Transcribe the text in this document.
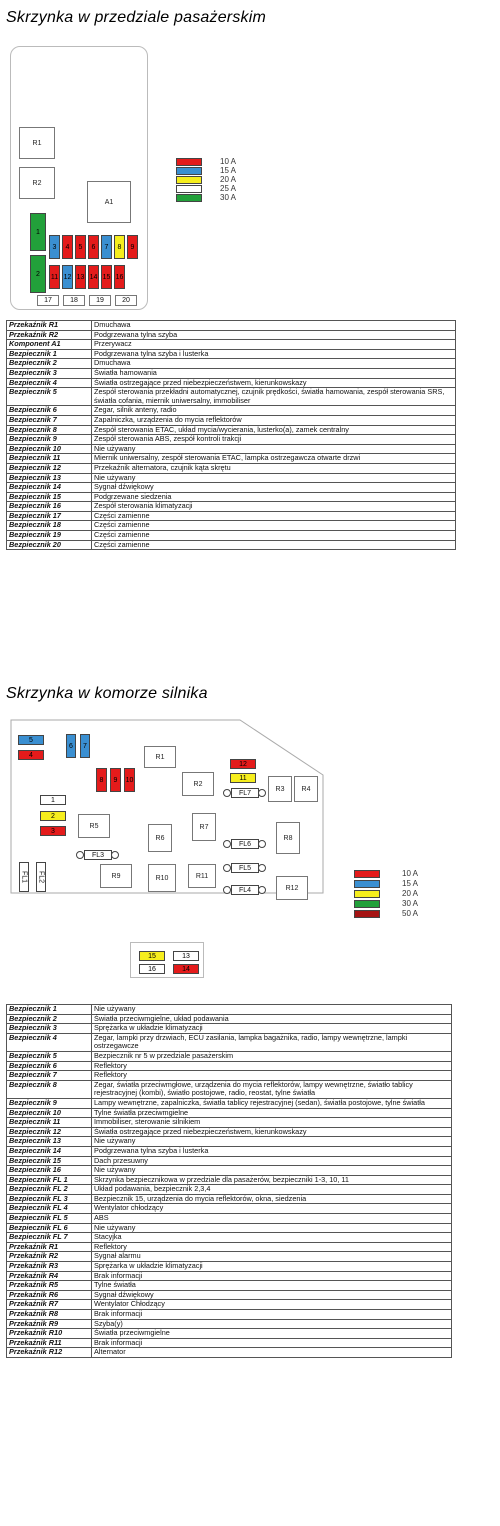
Skrzynka w przedziale pasażerskim
R1
R2
A1
1
3	4	5	6	7	8	9
2	11 12 13 14 15 16
17	18	19	20
10 A
15 A
20 A
25 A
30 A
Przekaźnik R1	Dmuchawa
Przekaźnik R2	Podgrzewana tylna szyba
Komponent A1	Przerywacz
Bezpiecznik 1	Podgrzewana tylna szyba i lusterka
Bezpiecznik 2	Dmuchawa
Bezpiecznik 3	Światła hamowania
Bezpiecznik 4	Światła ostrzegające przed niebezpieczeństwem, kierunkowskazy
Bezpiecznik 5	Zespół sterowania przekładni automatycznej, czujnik prędkości, światła hamowania, zespół sterowania SRS, światła cofania, miernik uniwersalny, immobiliser
Bezpiecznik 6	Zegar, silnik anteny, radio
Bezpiecznik 7	Zapalniczka, urządzenia do mycia reflektorów
Bezpiecznik 8	Zespół sterowania ETAC, układ mycia/wycierania, lusterko(a), zamek centralny
Bezpiecznik 9	Zespół sterowania ABS, zespół kontroli trakcji
Bezpiecznik 10	Nie używany
Bezpiecznik 11	Miernik uniwersalny, zespół sterowania ETAC, lampka ostrzegawcza otwarte drzwi
Bezpiecznik 12	Przekaźnik alternatora, czujnik kąta skrętu
Bezpiecznik 13	Nie używany
Bezpiecznik 14	Sygnał dźwiękowy
Bezpiecznik 15	Podgrzewane siedzenia
Bezpiecznik 16	Zespół sterowania klimatyzacji
Bezpiecznik 17	Części zamienne
Bezpiecznik 18	Części zamienne
Bezpiecznik 19	Części zamienne
Bezpiecznik 20	Części zamienne
Skrzynka w komorze silnika
5
4
6	7
R1
8	9	10
R2
12
11
FL7
R3	R4
1
2
3
R5	R7
R6
FL6
R8
FL3
FL1 FL2	R9	R10	R11
FL5
FL4	R12
10 A
15 A
20 A
30 A
50 A
15	13
16	14
Bezpiecznik 1	Nie używany
Bezpiecznik 2	Światła przeciwmgielne, układ podawania
Bezpiecznik 3	Sprężarka w układzie klimatyzacji
Bezpiecznik 4	Zegar, lampki przy drzwiach, ECU zasilania, lampka bagażnika, radio, lampy wewnętrzne, lampki ostrzegawcze
Bezpiecznik 5	Bezpiecznik nr 5 w przedziale pasażerskim
Bezpiecznik 6	Reflektory
Bezpiecznik 7	Reflektory
Bezpiecznik 8	Zegar, światła przeciwmgłowe, urządzenia do mycia reflektorów, lampy wewnętrzne, światło tablicy rejestracyjnej (kombi), światło postojowe, radio, reostat, tylne światła
Bezpiecznik 9	Lampy wewnętrzne, zapalniczka, światła tablicy rejestracyjnej (sedan), światła postojowe, tylne światła
Bezpiecznik 10	Tylne światła przeciwmgielne
Bezpiecznik 11	Immobiliser, sterowanie silnikiem
Bezpiecznik 12	Światła ostrzegające przed niebezpieczeństwem, kierunkowskazy
Bezpiecznik 13	Nie używany
Bezpiecznik 14	Podgrzewana tylna szyba i lusterka
Bezpiecznik 15	Dach przesuwny
Bezpiecznik 16	Nie używany
Bezpiecznik FL 1	Skrzynka bezpiecznikowa w przedziale dla pasażerów, bezpieczniki 1-3, 10, 11
Bezpiecznik FL 2	Układ podawania, bezpiecznik 2,3,4
Bezpiecznik FL 3	Bezpiecznik 15, urządzenia do mycia reflektorów, okna, siedzenia
Bezpiecznik FL 4	Wentylator chłodzący
Bezpiecznik FL 5	ABS
Bezpiecznik FL 6	Nie używany
Bezpiecznik FL 7	Stacyjka
Przekaźnik R1	Reflektory
Przekaźnik R2	Sygnał alarmu
Przekaźnik R3	Sprężarka w układzie klimatyzacji
Przekaźnik R4	Brak informacji
Przekaźnik R5	Tylne światła
Przekaźnik R6	Sygnał dźwiękowy
Przekaźnik R7	Wentylator Chłodzący
Przekaźnik R8	Brak informacji
Przekaźnik R9	Szyba(y)
Przekaźnik R10	Światła przeciwmgielne
Przekaźnik R11	Brak informacji
Przekaźnik R12	Alternator
